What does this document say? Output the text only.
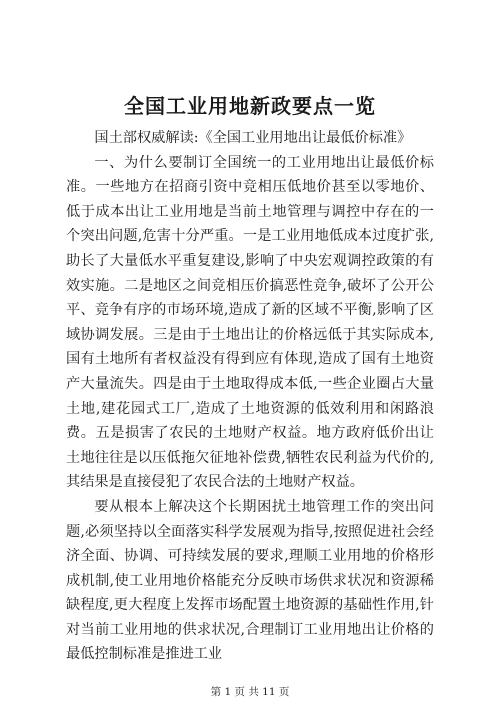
全国工业用地新政要点一览

国土部权威解读:《全国工业用地出让最低价标准》

一、为什么要制订全国统一的工业用地出让最低价标准。一些地方在招商引资中竞相压低地价甚至以零地价、低于成本出让工业用地是当前土地管理与调控中存在的一个突出问题,危害十分严重。一是工业用地低成本过度扩张,助长了大量低水平重复建设,影响了中央宏观调控政策的有效实施。二是地区之间竞相压价搞恶性竞争,破坏了公开公平、竞争有序的市场环境,造成了新的区域不平衡,影响了区域协调发展。三是由于土地出让的价格远低于其实际成本,国有土地所有者权益没有得到应有体现,造成了国有土地资产大量流失。四是由于土地取得成本低,一些企业圈占大量土地,建花园式工厂,造成了土地资源的低效利用和闲路浪费。五是损害了农民的土地财产权益。地方政府低价出让土地往往是以压低拖欠征地补偿费,牺牲农民利益为代价的,其结果是直接侵犯了农民合法的土地财产权益。

要从根本上解决这个长期困扰土地管理工作的突出问题,必须坚持以全面落实科学发展观为指导,按照促进社会经济全面、协调、可持续发展的要求,理顺工业用地的价格形成机制,使工业用地价格能充分反映市场供求状况和资源稀缺程度,更大程度上发挥市场配置土地资源的基础性作用,针对当前工业用地的供求状况,合理制订工业用地出让价格的最低控制标准是推进工业

第 1 页 共 11 页
